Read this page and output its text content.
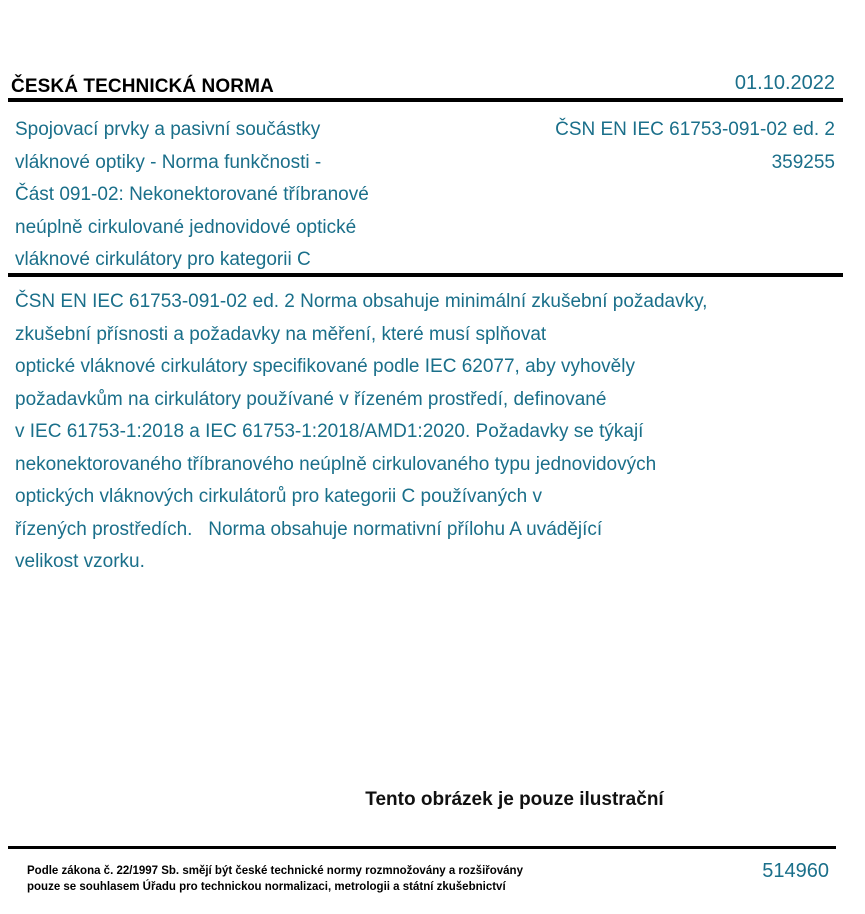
ČESKÁ TECHNICKÁ NORMA	01.10.2022
Spojovací prvky a pasivní součástky
vláknové optiky - Norma funkčnosti -
Část 091-02: Nekonektorované tříbranové
neúplně cirkulované jednovidové optické
vláknové cirkulátory pro kategorii C
ČSN EN IEC 61753-091-02 ed. 2
359255
ČSN EN IEC 61753-091-02 ed. 2 Norma obsahuje minimální zkušební požadavky,
zkušební přísnosti a požadavky na měření, které musí splňovat
optické vláknové cirkulátory specifikované podle IEC 62077, aby vyhověly
požadavkům na cirkulátory používané v řízeném prostředí, definované
v IEC 61753-1:2018 a IEC 61753-1:2018/AMD1:2020. Požadavky se týkají
nekonektorovaného tříbranového neúplně cirkulovaného typu jednovidových
optických vláknových cirkulátorů pro kategorii C používaných v
řízených prostředích.   Norma obsahuje normativní přílohu A uvádějící
velikost vzorku.
Tento obrázek je pouze ilustrační
Podle zákona č. 22/1997 Sb. smějí být české technické normy rozmnožovány a rozšiřovány
pouze se souhlasem Úřadu pro technickou normalizaci, metrologii a státní zkušebnictví
514960
